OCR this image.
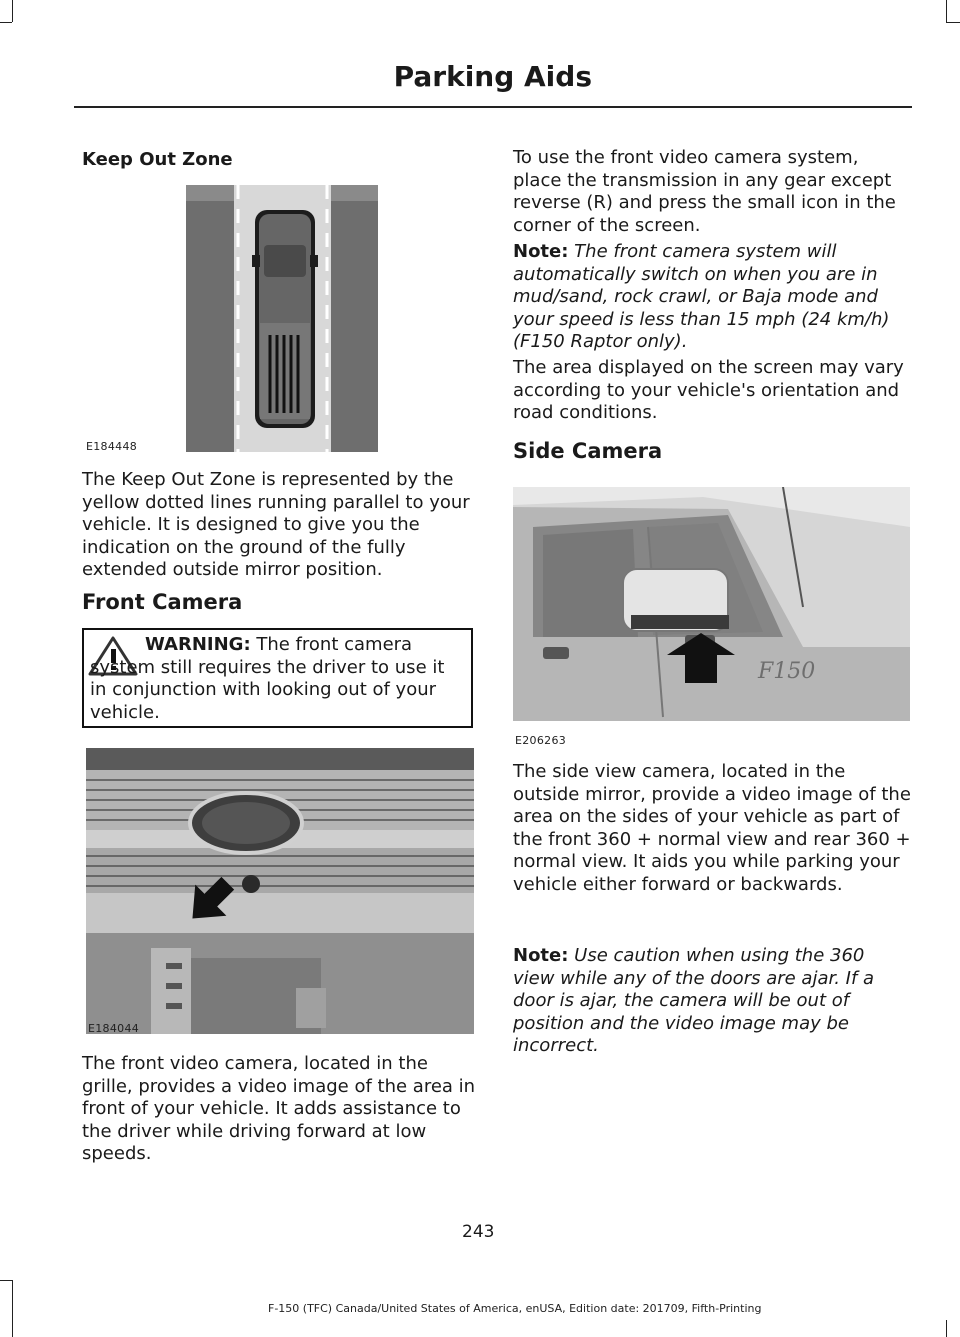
Parking Aids
Keep Out Zone
E184448
The Keep Out Zone is represented by the yellow dotted lines running parallel to your vehicle. It is designed to give you the indication on the ground of the fully extended outside mirror position.
Front Camera
WARNING: The front camera system still requires the driver to use it in conjunction with looking out of your vehicle.
E184044
The front video camera, located in the grille, provides a video image of the area in front of your vehicle. It adds assistance to the driver while driving forward at low speeds.
To use the front video camera system, place the transmission in any gear except reverse (R) and press the small icon in the corner of the screen.
Note: The front camera system will automatically switch on when you are in mud/sand, rock crawl, or Baja mode and your speed is less than 15 mph (24 km/h) (F150 Raptor only).
The area displayed on the screen may vary according to your vehicle's orientation and road conditions.
Side Camera
F150
E206263
The side view camera, located in the outside mirror, provide a video image of the area on the sides of your vehicle as part of the front 360 + normal view and rear 360 + normal view. It aids you while parking your vehicle either forward or backwards.
Note: Use caution when using the 360 view while any of the doors are ajar. If a door is ajar, the camera will be out of position and the video image may be incorrect.
243
F-150 (TFC) Canada/United States of America, enUSA, Edition date: 201709, Fifth-Printing
